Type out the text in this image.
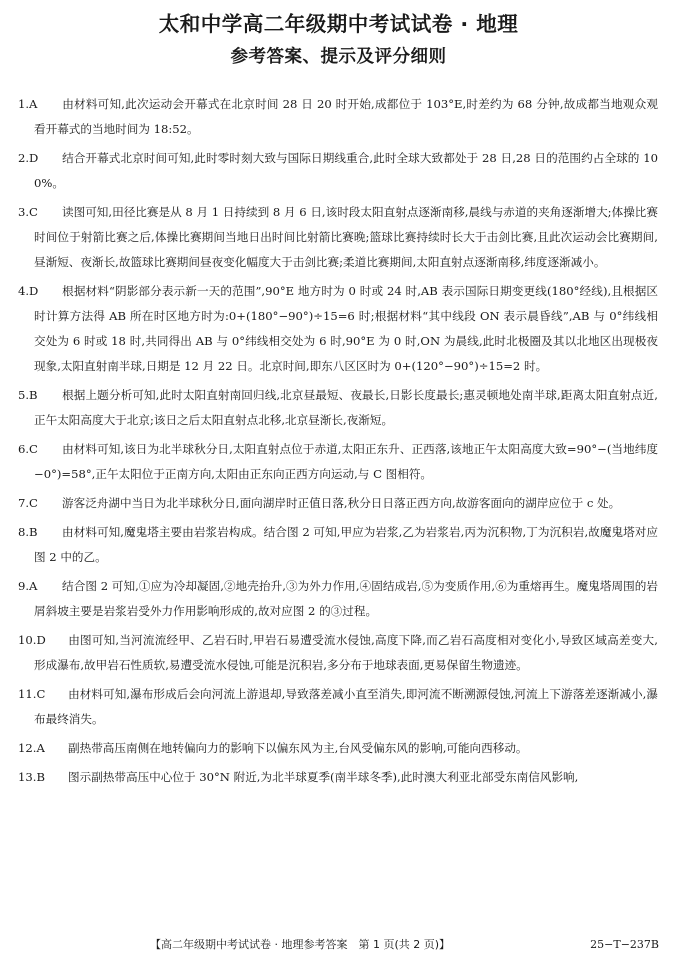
太和中学高二年级期中考试试卷 · 地理
参考答案、提示及评分细则
1.A 由材料可知,此次运动会开幕式在北京时间 28 日 20 时开始,成都位于 103°E,时差约为 68 分钟,故成都当地观众观看开幕式的当地时间为 18:52。
2.D 结合开幕式北京时间可知,此时零时刻大致与国际日期线重合,此时全球大致都处于 28 日,28 日的范围约占全球的 100%。
3.C 读图可知,田径比赛是从 8 月 1 日持续到 8 月 6 日,该时段太阳直射点逐渐南移,晨线与赤道的夹角逐渐增大;体操比赛时间位于射箭比赛之后,体操比赛期间当地日出时间比射箭比赛晚;篮球比赛持续时长大于击剑比赛,且此次运动会比赛期间,昼渐短、夜渐长,故篮球比赛期间昼夜变化幅度大于击剑比赛;柔道比赛期间,太阳直射点逐渐南移,纬度逐渐减小。
4.D 根据材料“阴影部分表示新一天的范围”,90°E 地方时为 0 时或 24 时,AB 表示国际日期变更线(180°经线),且根据区时计算方法得 AB 所在时区地方时为:0+(180°−90°)÷15=6 时;根据材料“其中线段 ON 表示晨昏线”,AB 与 0°纬线相交处为 6 时或 18 时,共同得出 AB 与 0°纬线相交处为 6 时,90°E 为 0 时,ON 为晨线,此时北极圈及其以北地区出现极夜现象,太阳直射南半球,日期是 12 月 22 日。北京时间,即东八区区时为 0+(120°−90°)÷15=2 时。
5.B 根据上题分析可知,此时太阳直射南回归线,北京昼最短、夜最长,日影长度最长;惠灵顿地处南半球,距离太阳直射点近,正午太阳高度大于北京;该日之后太阳直射点北移,北京昼渐长,夜渐短。
6.C 由材料可知,该日为北半球秋分日,太阳直射点位于赤道,太阳正东升、正西落,该地正午太阳高度大致=90°−(当地纬度−0°)=58°,正午太阳位于正南方向,太阳由正东向正西方向运动,与 C 图相符。
7.C 游客泛舟湖中当日为北半球秋分日,面向湖岸时正值日落,秋分日日落正西方向,故游客面向的湖岸应位于 c 处。
8.B 由材料可知,魔鬼塔主要由岩浆岩构成。结合图 2 可知,甲应为岩浆,乙为岩浆岩,丙为沉积物,丁为沉积岩,故魔鬼塔对应图 2 中的乙。
9.A 结合图 2 可知,①应为冷却凝固,②地壳抬升,③为外力作用,④固结成岩,⑤为变质作用,⑥为重熔再生。魔鬼塔周围的岩屑斜坡主要是岩浆岩受外力作用影响形成的,故对应图 2 的③过程。
10.D 由图可知,当河流流经甲、乙岩石时,甲岩石易遭受流水侵蚀,高度下降,而乙岩石高度相对变化小,导致区域高差变大,形成瀑布,故甲岩石性质软,易遭受流水侵蚀,可能是沉积岩,多分布于地球表面,更易保留生物遗迹。
11.C 由材料可知,瀑布形成后会向河流上游退却,导致落差减小直至消失,即河流不断溯源侵蚀,河流上下游落差逐渐减小,瀑布最终消失。
12.A 副热带高压南侧在地转偏向力的影响下以偏东风为主,台风受偏东风的影响,可能向西移动。
13.B 图示副热带高压中心位于 30°N 附近,为北半球夏季(南半球冬季),此时澳大利亚北部受东南信风影响,
【高二年级期中考试试卷 · 地理参考答案　第 1 页(共 2 页)】	25−T−237B
